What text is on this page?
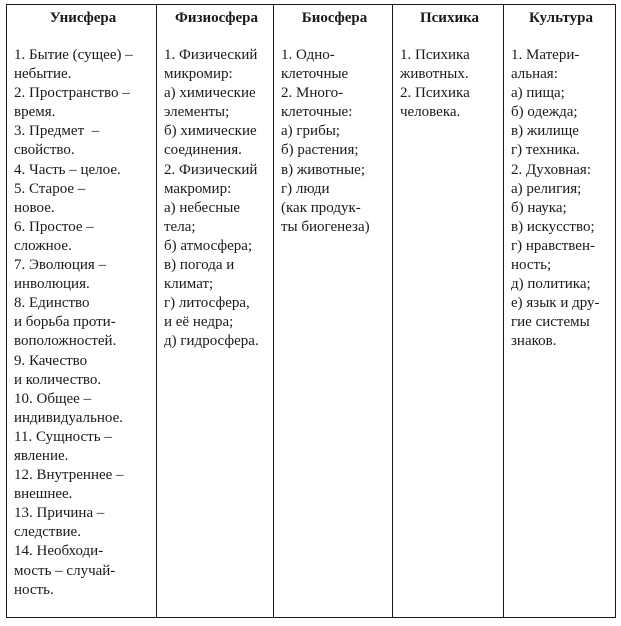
Унисфера
1. Бытие (сущее) –
небытие.
2. Пространство –
время.
3. Предмет  –
свойство.
4. Часть – целое.
5. Старое –
новое.
6. Простое –
сложное.
7. Эволюция –
инволюция.
8. Единство
и борьба проти-
воположностей.
9. Качество
и количество.
10. Общее –
индивидуальное.
11. Сущность –
явление.
12. Внутреннее –
внешнее.
13. Причина –
следствие.
14. Необходи-
мость – случай-
ность.
Физиосфера
1. Физический
микромир:
а) химические
элементы;
б) химические
соединения.
2. Физический
макромир:
а) небесные
тела;
б) атмосфера;
в) погода и
климат;
г) литосфера,
и её недра;
д) гидросфера.
Биосфера
1. Одно-
клеточные
2. Много-
клеточные:
а) грибы;
б) растения;
в) животные;
г) люди
(как продук-
ты биогенеза)
Психика
1. Психика
животных.
2. Психика
человека.
Культура
1. Матери-
альная:
а) пища;
б) одежда;
в) жилище
г) техника.
2. Духовная:
а) религия;
б) наука;
в) искусство;
г) нравствен-
ность;
д) политика;
е) язык и дру-
гие системы
знаков.
